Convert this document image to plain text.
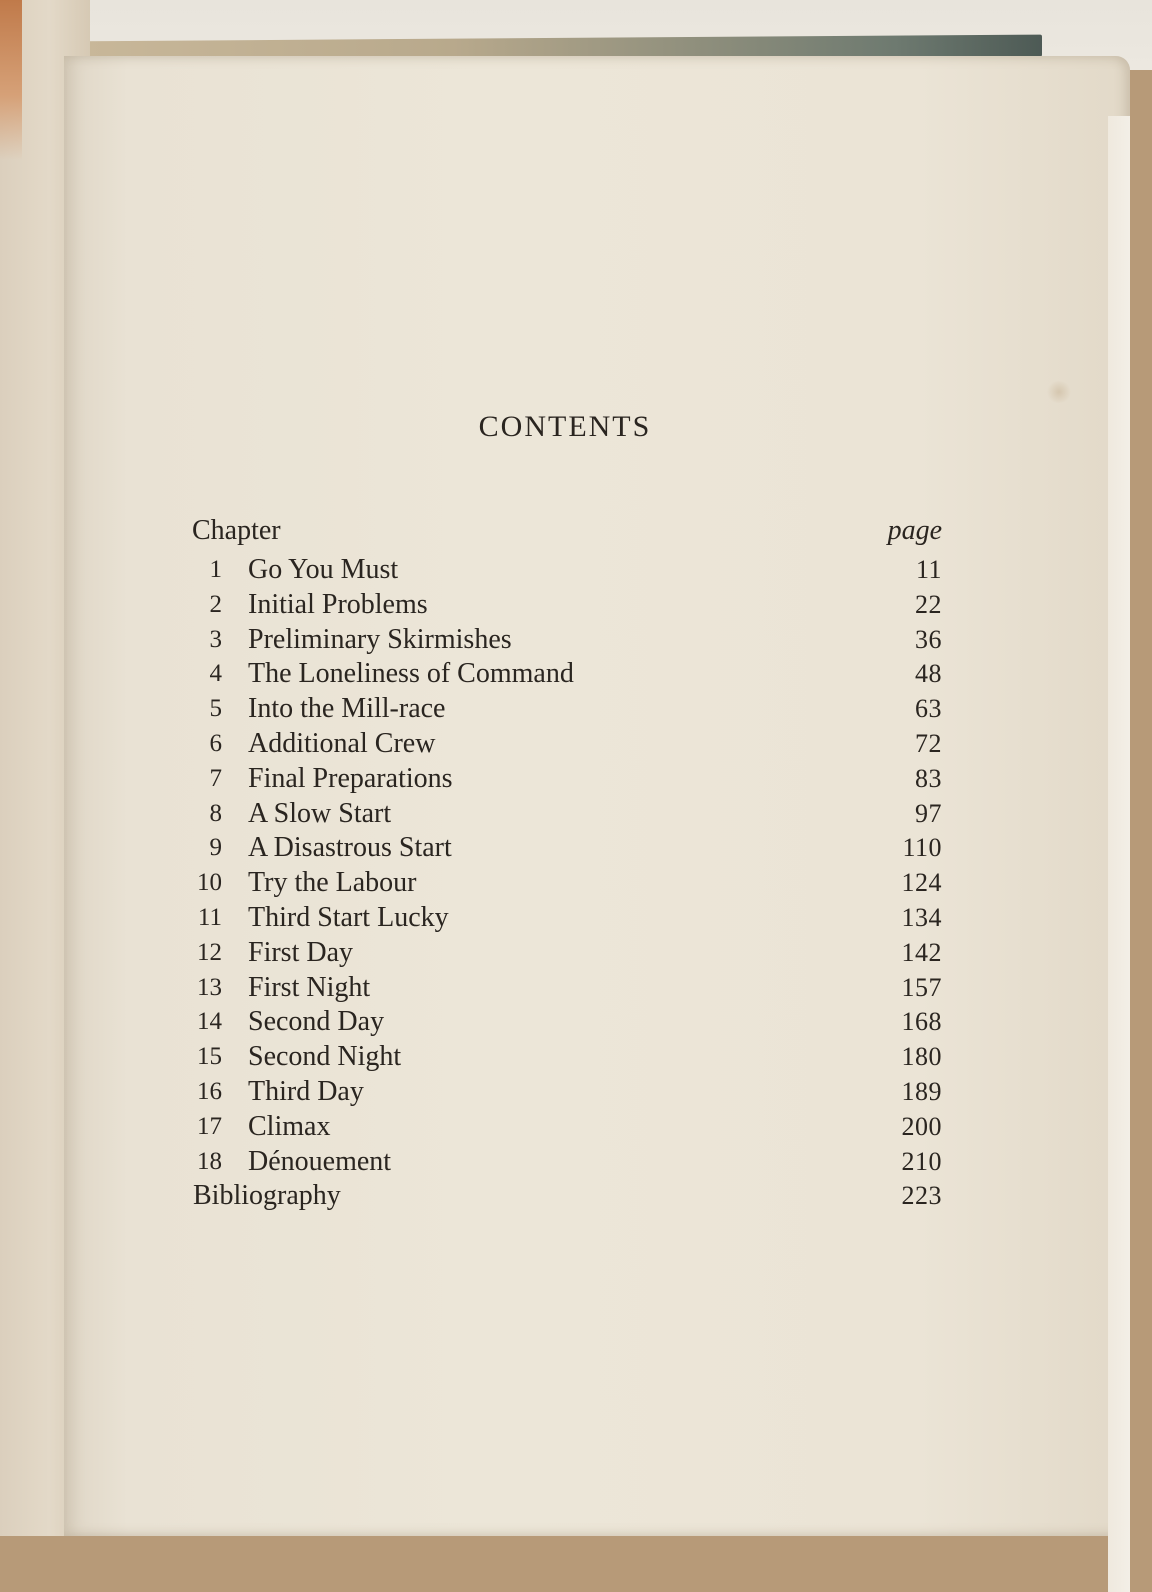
CONTENTS
Chapter	page
1 Go You Must	11
2 Initial Problems	22
3 Preliminary Skirmishes	36
4 The Loneliness of Command	48
5 Into the Mill-race	63
6 Additional Crew	72
7 Final Preparations	83
8 A Slow Start	97
9 A Disastrous Start	110
10 Try the Labour	124
11 Third Start Lucky	134
12 First Day	142
13 First Night	157
14 Second Day	168
15 Second Night	180
16 Third Day	189
17 Climax	200
18 Dénouement	210
Bibliography	223
